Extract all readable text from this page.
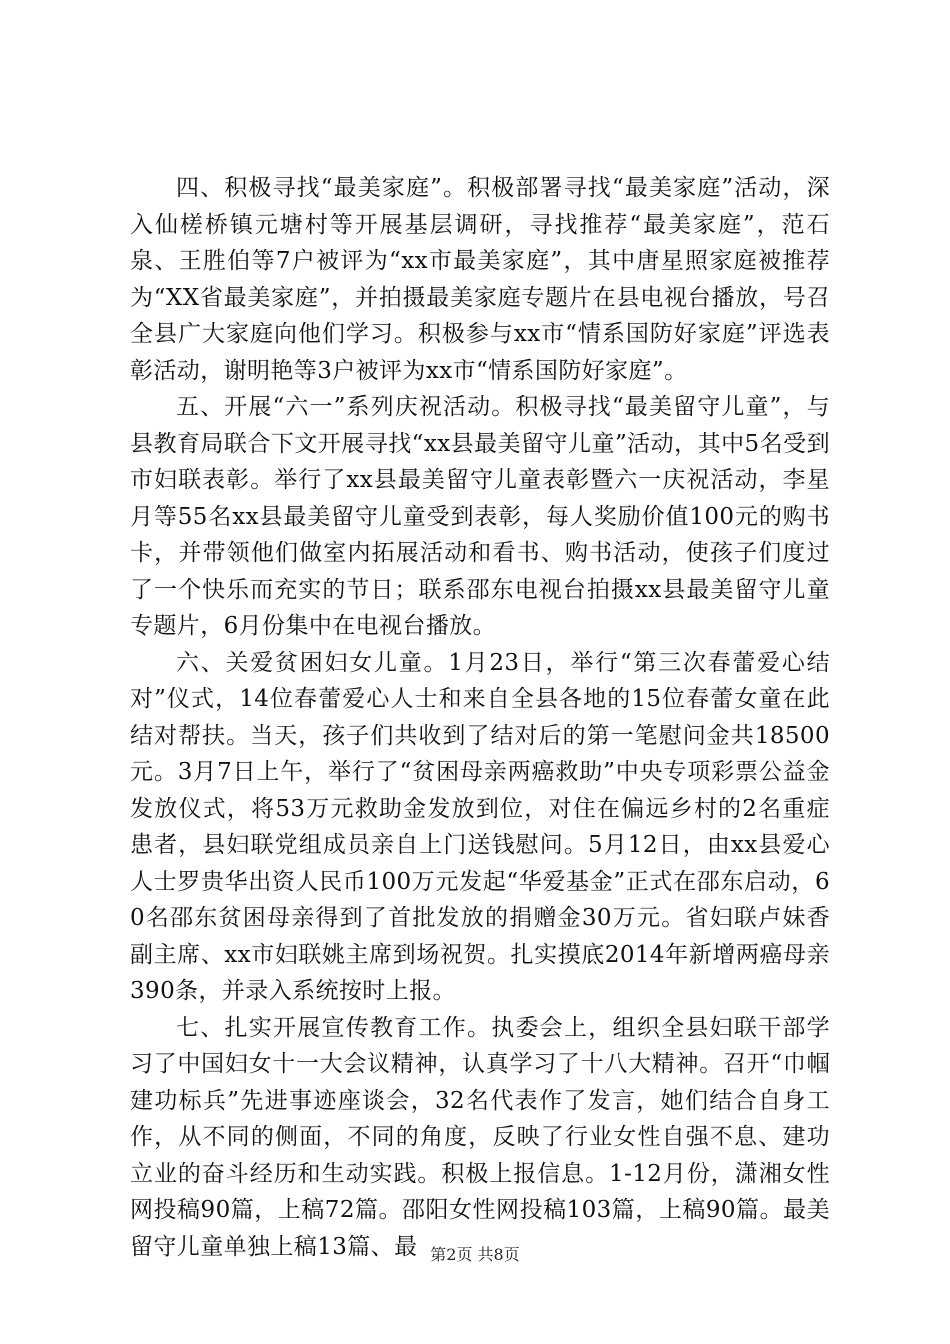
四、积极寻找“最美家庭”。积极部署寻找“最美家庭”活动，深入仙槎桥镇元塘村等开展基层调研，寻找推荐“最美家庭”，范石泉、王胜伯等7户被评为“xx市最美家庭”，其中唐星照家庭被推荐为“XX省最美家庭”，并拍摄最美家庭专题片在县电视台播放，号召全县广大家庭向他们学习。积极参与xx市“情系国防好家庭”评选表彰活动，谢明艳等3户被评为xx市“情系国防好家庭”。

五、开展“六一”系列庆祝活动。积极寻找“最美留守儿童”，与县教育局联合下文开展寻找“xx县最美留守儿童”活动，其中5名受到市妇联表彰。举行了xx县最美留守儿童表彰暨六一庆祝活动，李星月等55名xx县最美留守儿童受到表彰，每人奖励价值100元的购书卡，并带领他们做室内拓展活动和看书、购书活动，使孩子们度过了一个快乐而充实的节日；联系邵东电视台拍摄xx县最美留守儿童专题片，6月份集中在电视台播放。

六、关爱贫困妇女儿童。1月23日，举行“第三次春蕾爱心结对”仪式，14位春蕾爱心人士和来自全县各地的15位春蕾女童在此结对帮扶。当天，孩子们共收到了结对后的第一笔慰问金共18500元。3月7日上午，举行了“贫困母亲两癌救助”中央专项彩票公益金发放仪式，将53万元救助金发放到位，对住在偏远乡村的2名重症患者，县妇联党组成员亲自上门送钱慰问。5月12日，由xx县爱心人士罗贵华出资人民币100万元发起“华爱基金”正式在邵东启动，60名邵东贫困母亲得到了首批发放的捐赠金30万元。省妇联卢妹香副主席、xx市妇联姚主席到场祝贺。扎实摸底2014年新增两癌母亲390条，并录入系统按时上报。

七、扎实开展宣传教育工作。执委会上，组织全县妇联干部学习了中国妇女十一大会议精神，认真学习了十八大精神。召开“巾帼建功标兵”先进事迹座谈会，32名代表作了发言，她们结合自身工作，从不同的侧面，不同的角度，反映了行业女性自强不息、建功立业的奋斗经历和生动实践。积极上报信息。1-12月份，潇湘女性网投稿90篇，上稿72篇。邵阳女性网投稿103篇，上稿90篇。最美留守儿童单独上稿13篇、最 第2页 共8页
